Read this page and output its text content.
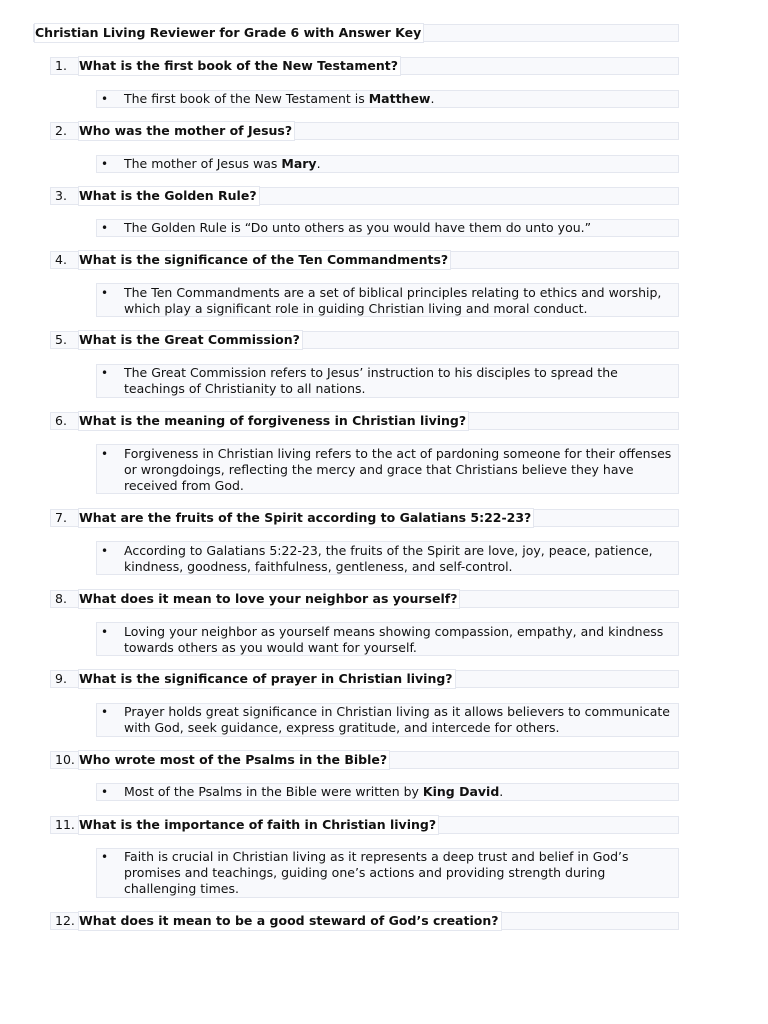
Christian Living Reviewer for Grade 6 with Answer Key
1. What is the first book of the New Testament?
• The first book of the New Testament is Matthew.
2. Who was the mother of Jesus?
• The mother of Jesus was Mary.
3. What is the Golden Rule?
• The Golden Rule is “Do unto others as you would have them do unto you.”
4. What is the significance of the Ten Commandments?
• The Ten Commandments are a set of biblical principles relating to ethics and worship, which play a significant role in guiding Christian living and moral conduct.
5. What is the Great Commission?
• The Great Commission refers to Jesus’ instruction to his disciples to spread the teachings of Christianity to all nations.
6. What is the meaning of forgiveness in Christian living?
• Forgiveness in Christian living refers to the act of pardoning someone for their offenses or wrongdoings, reflecting the mercy and grace that Christians believe they have received from God.
7. What are the fruits of the Spirit according to Galatians 5:22-23?
• According to Galatians 5:22-23, the fruits of the Spirit are love, joy, peace, patience, kindness, goodness, faithfulness, gentleness, and self-control.
8. What does it mean to love your neighbor as yourself?
• Loving your neighbor as yourself means showing compassion, empathy, and kindness towards others as you would want for yourself.
9. What is the significance of prayer in Christian living?
• Prayer holds great significance in Christian living as it allows believers to communicate with God, seek guidance, express gratitude, and intercede for others.
10. Who wrote most of the Psalms in the Bible?
• Most of the Psalms in the Bible were written by King David.
11. What is the importance of faith in Christian living?
• Faith is crucial in Christian living as it represents a deep trust and belief in God’s promises and teachings, guiding one’s actions and providing strength during challenging times.
12. What does it mean to be a good steward of God’s creation?
